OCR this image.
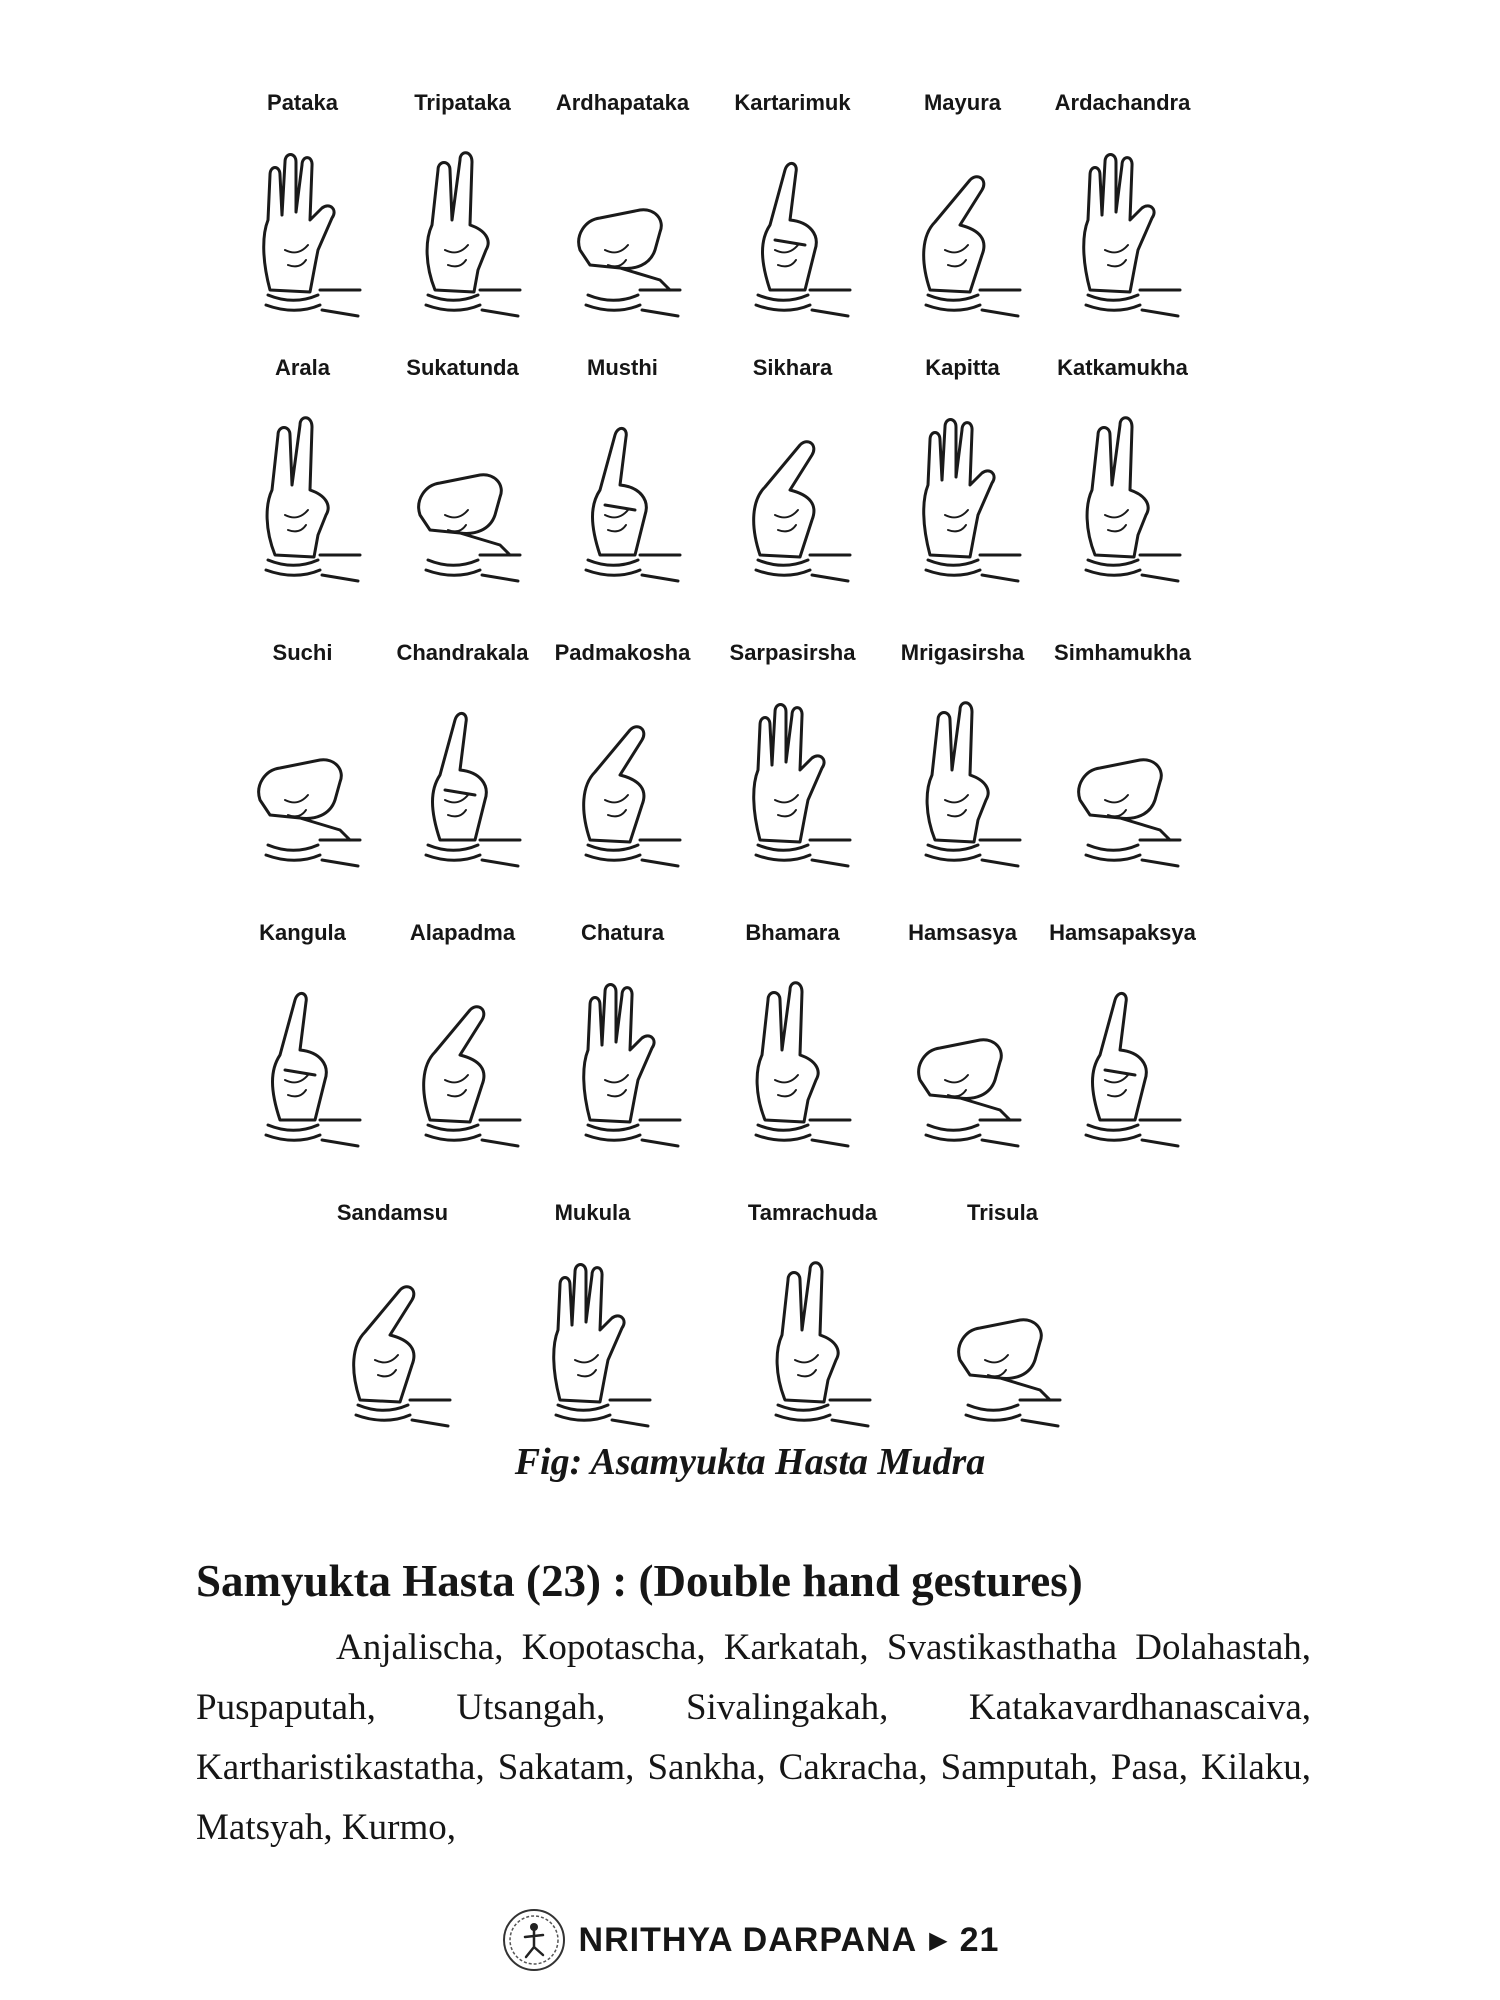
Pataka	Tripataka	Ardhapataka	Kartarimuk	Mayura	Ardachandra
Arala	Sukatunda	Musthi	Sikhara	Kapitta	Katkamukha
Suchi	Chandrakala	Padmakosha	Sarpasirsha	Mrigasirsha	Simhamukha
Kangula	Alapadma	Chatura	Bhamara	Hamsasya	Hamsapaksya
Sandamsu	Mukula	Tamrachuda	Trisula
Fig: Asamyukta Hasta Mudra
Samyukta Hasta (23) : (Double hand gestures)
Anjalischa, Kopotascha, Karkatah, Svastikasthatha Dolahastah, Puspaputah, Utsangah, Sivalingakah, Katakavardhanascaiva, Kartharistikastatha, Sakatam, Sankha, Cakracha, Samputah, Pasa, Kilaku, Matsyah, Kurmo,
NRITHYA DARPANA ▶ 21
